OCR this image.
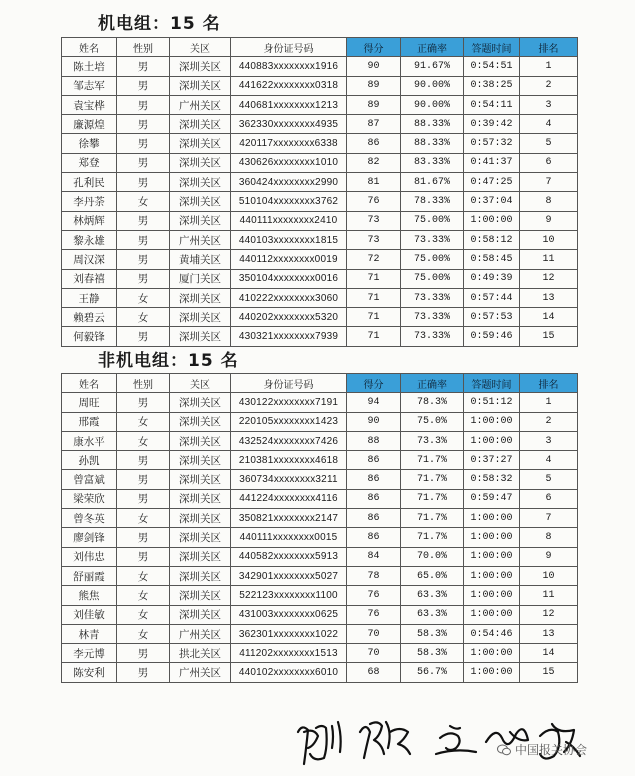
机电组：15 名
姓名	性别	关区	身份证号码	得分	正确率	答题时间	排名
陈土培	男	深圳关区	440883xxxxxxxx1916	90	91.67%	0:54:51	1
邹志军	男	深圳关区	441622xxxxxxxx0318	89	90.00%	0:38:25	2
袁宝桦	男	广州关区	440681xxxxxxxx1213	89	90.00%	0:54:11	3
廉源煌	男	深圳关区	362330xxxxxxxx4935	87	88.33%	0:39:42	4
徐攀	男	深圳关区	420117xxxxxxxx6338	86	88.33%	0:57:32	5
郑登	男	深圳关区	430626xxxxxxxx1010	82	83.33%	0:41:37	6
孔利民	男	深圳关区	360424xxxxxxxx2990	81	81.67%	0:47:25	7
李丹荼	女	深圳关区	510104xxxxxxxx3762	76	78.33%	0:37:04	8
林炳辉	男	深圳关区	440111xxxxxxxx2410	73	75.00%	1:00:00	9
黎永雄	男	广州关区	440103xxxxxxxx1815	73	73.33%	0:58:12	10
周汉深	男	黄埔关区	440112xxxxxxxx0019	72	75.00%	0:58:45	11
刘春禧	男	厦门关区	350104xxxxxxxx0016	71	75.00%	0:49:39	12
王静	女	深圳关区	410222xxxxxxxx3060	71	73.33%	0:57:44	13
赖碧云	女	深圳关区	440202xxxxxxxx5320	71	73.33%	0:57:53	14
何毅锋	男	深圳关区	430321xxxxxxxx7939	71	73.33%	0:59:46	15
非机电组：15 名
姓名	性别	关区	身份证号码	得分	正确率	答题时间	排名
周旺	男	深圳关区	430122xxxxxxxx7191	94	78.3%	0:51:12	1
邢霞	女	深圳关区	220105xxxxxxxx1423	90	75.0%	1:00:00	2
康水平	女	深圳关区	432524xxxxxxxx7426	88	73.3%	1:00:00	3
孙凯	男	深圳关区	210381xxxxxxxx4618	86	71.7%	0:37:27	4
曾富斌	男	深圳关区	360734xxxxxxxx3211	86	71.7%	0:58:32	5
梁荣欣	男	深圳关区	441224xxxxxxxx4116	86	71.7%	0:59:47	6
曾冬英	女	深圳关区	350821xxxxxxxx2147	86	71.7%	1:00:00	7
廖剑锋	男	深圳关区	440111xxxxxxxx0015	86	71.7%	1:00:00	8
刘伟忠	男	深圳关区	440582xxxxxxxx5913	84	70.0%	1:00:00	9
舒丽霞	女	深圳关区	342901xxxxxxxx5027	78	65.0%	1:00:00	10
熊焦	女	深圳关区	522123xxxxxxxx1100	76	63.3%	1:00:00	11
刘佳敏	女	深圳关区	431003xxxxxxxx0625	76	63.3%	1:00:00	12
林青	女	广州关区	362301xxxxxxxx1022	70	58.3%	0:54:46	13
李元博	男	拱北关区	411202xxxxxxxx1513	70	58.3%	1:00:00	14
陈安利	男	广州关区	440102xxxxxxxx6010	68	56.7%	1:00:00	15
中国报关协会
